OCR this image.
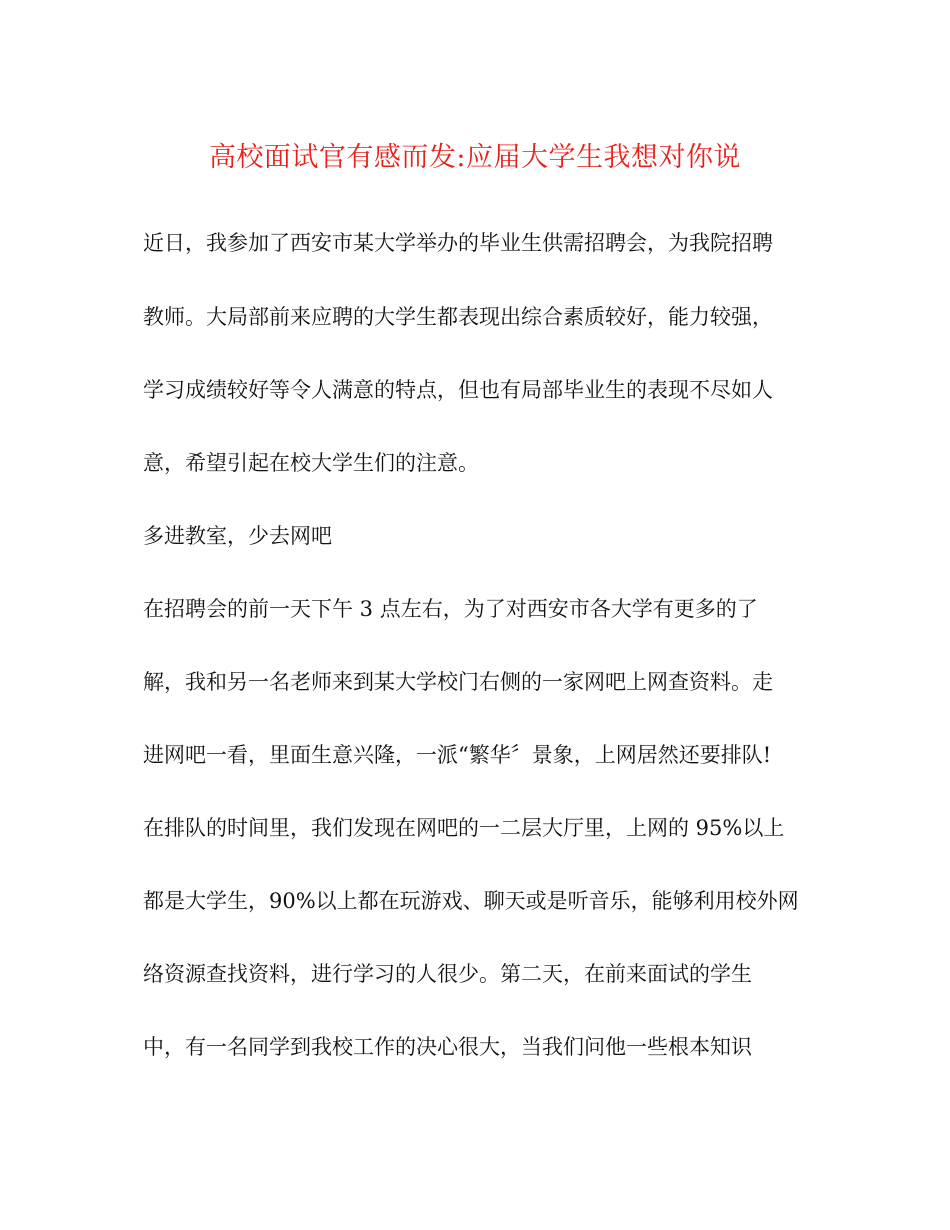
高校面试官有感而发:应届大学生我想对你说
近日，我参加了西安市某大学举办的毕业生供需招聘会，为我院招聘
教师。大局部前来应聘的大学生都表现出综合素质较好，能力较强，
学习成绩较好等令人满意的特点，但也有局部毕业生的表现不尽如人
意，希望引起在校大学生们的注意。
多进教室，少去网吧
在招聘会的前一天下午 3 点左右，为了对西安市各大学有更多的了
解，我和另一名老师来到某大学校门右侧的一家网吧上网查资料。走
进网吧一看，里面生意兴隆，一派“繁华〞景象，上网居然还要排队!
在排队的时间里，我们发现在网吧的一二层大厅里，上网的 95%以上
都是大学生，90%以上都在玩游戏、聊天或是听音乐，能够利用校外网
络资源查找资料，进行学习的人很少。第二天，在前来面试的学生
中，有一名同学到我校工作的决心很大，当我们问他一些根本知识
